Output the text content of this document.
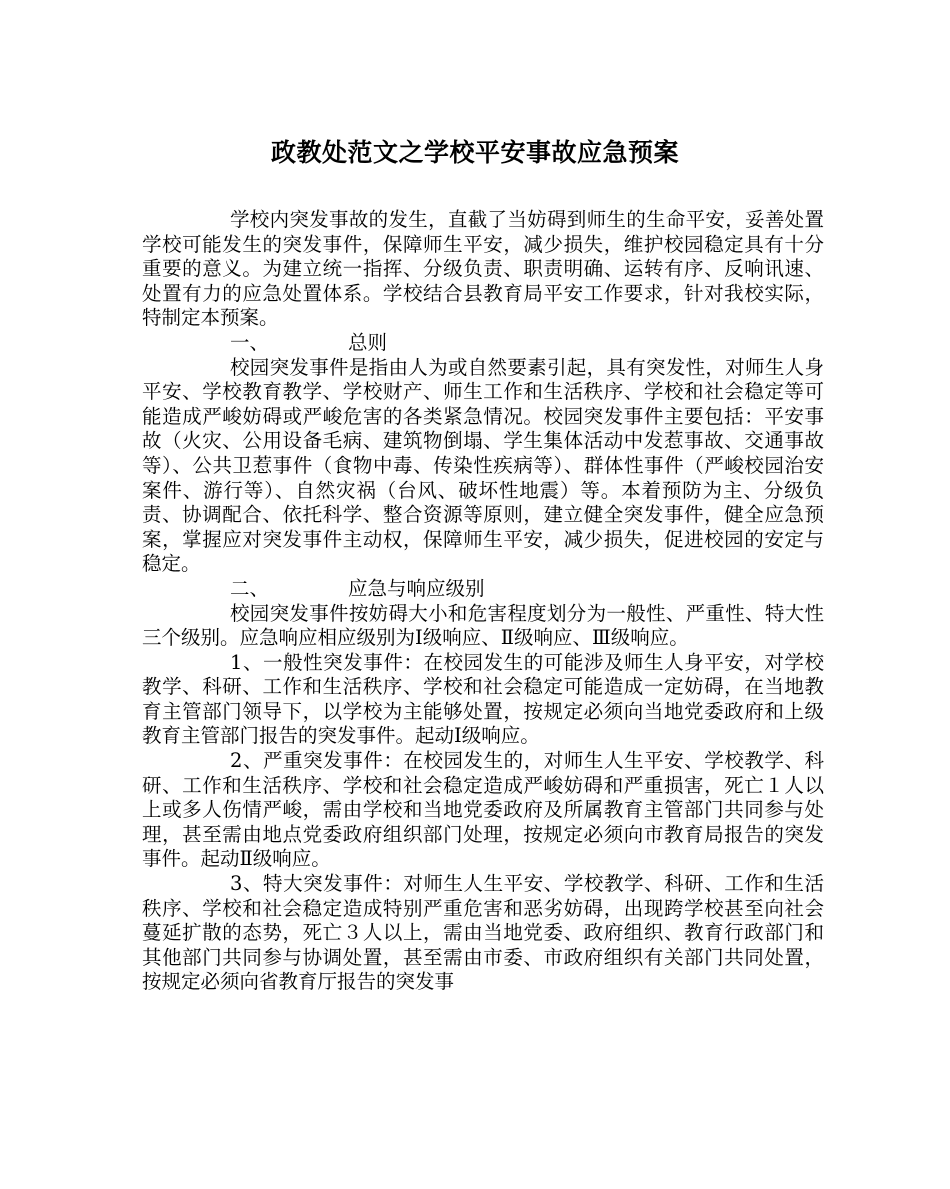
政教处范文之学校平安事故应急预案

学校内突发事故的发生，直截了当妨碍到师生的生命平安，妥善处置学校可能发生的突发事件，保障师生平安，减少损失，维护校园稳定具有十分重要的意义。为建立统一指挥、分级负责、职责明确、运转有序、反响讯速、处置有力的应急处置体系。学校结合县教育局平安工作要求，针对我校实际，特制定本预案。

一、	总则

校园突发事件是指由人为或自然要素引起，具有突发性，对师生人身平安、学校教育教学、学校财产、师生工作和生活秩序、学校和社会稳定等可能造成严峻妨碍或严峻危害的各类紧急情况。校园突发事件主要包括：平安事故（火灾、公用设备毛病、建筑物倒塌、学生集体活动中发惹事故、交通事故等）、公共卫惹事件（食物中毒、传染性疾病等）、群体性事件（严峻校园治安案件、游行等）、自然灾祸（台风、破坏性地震）等。本着预防为主、分级负责、协调配合、依托科学、整合资源等原则，建立健全突发事件，健全应急预案，掌握应对突发事件主动权，保障师生平安，减少损失，促进校园的安定与稳定。

二、	应急与响应级别

校园突发事件按妨碍大小和危害程度划分为一般性、严重性、特大性三个级别。应急响应相应级别为Ⅰ级响应、Ⅱ级响应、Ⅲ级响应。

1、一般性突发事件：在校园发生的可能涉及师生人身平安，对学校教学、科研、工作和生活秩序、学校和社会稳定可能造成一定妨碍，在当地教育主管部门领导下，以学校为主能够处置，按规定必须向当地党委政府和上级教育主管部门报告的突发事件。起动Ⅰ级响应。

2、严重突发事件：在校园发生的，对师生人生平安、学校教学、科研、工作和生活秩序、学校和社会稳定造成严峻妨碍和严重损害，死亡１人以上或多人伤情严峻，需由学校和当地党委政府及所属教育主管部门共同参与处理，甚至需由地点党委政府组织部门处理，按规定必须向市教育局报告的突发事件。起动Ⅱ级响应。

3、特大突发事件：对师生人生平安、学校教学、科研、工作和生活秩序、学校和社会稳定造成特别严重危害和恶劣妨碍，出现跨学校甚至向社会蔓延扩散的态势，死亡３人以上，需由当地党委、政府组织、教育行政部门和其他部门共同参与协调处置，甚至需由市委、市政府组织有关部门共同处置，按规定必须向省教育厅报告的突发事
